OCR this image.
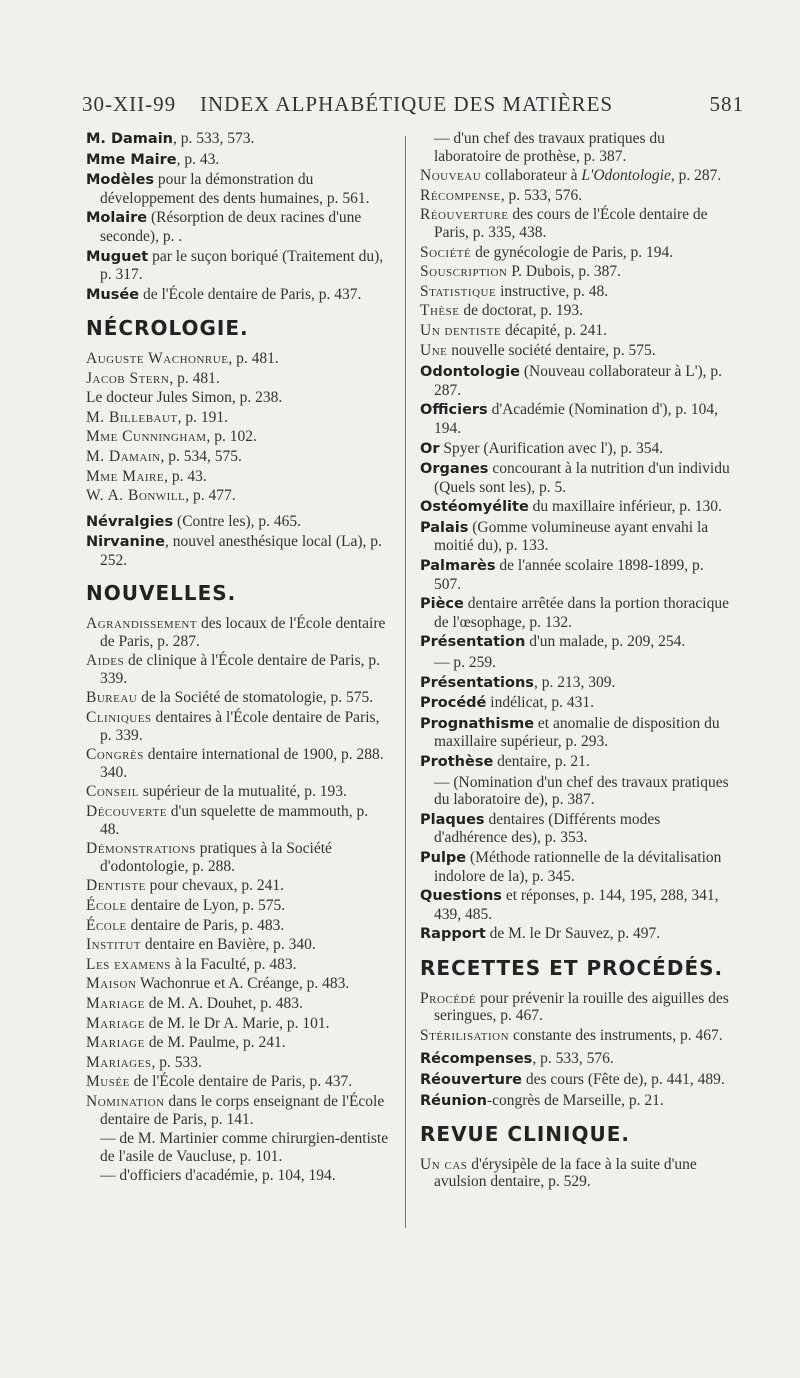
30-XII-99 INDEX ALPHABÉTIQUE DES MATIÈRES	581
M. Damain, p. 533, 573.
Mme Maire, p. 43.
Modèles pour la démonstration du développement des dents humaines, p. 561.
Molaire (Résorption de deux racines d'une seconde), p. .
Muguet par le suçon boriqué (Traitement du), p. 317.
Musée de l'École dentaire de Paris, p. 437.
NÉCROLOGIE.
Auguste Wachonrue, p. 481.
Jacob Stern, p. 481.
Le docteur Jules Simon, p. 238.
M. Billebaut, p. 191.
Mme Cunningham, p. 102.
M. Damain, p. 534, 575.
Mme Maire, p. 43.
W. A. Bonwill, p. 477.
Névralgies (Contre les), p. 465.
Nirvanine, nouvel anesthésique local (La), p. 252.
NOUVELLES.
Agrandissement des locaux de l'École dentaire de Paris, p. 287.
Aides de clinique à l'École dentaire de Paris, p. 339.
Bureau de la Société de stomatologie, p. 575.
Cliniques dentaires à l'École dentaire de Paris, p. 339.
Congrès dentaire international de 1900, p. 288. 340.
Conseil supérieur de la mutualité, p. 193.
Découverte d'un squelette de mammouth, p. 48.
Démonstrations pratiques à la Société d'odontologie, p. 288.
Dentiste pour chevaux, p. 241.
École dentaire de Lyon, p. 575.
École dentaire de Paris, p. 483.
Institut dentaire en Bavière, p. 340.
Les examens à la Faculté, p. 483.
Maison Wachonrue et A. Créange, p. 483.
Mariage de M. A. Douhet, p. 483.
Mariage de M. le Dr A. Marie, p. 101.
Mariage de M. Paulme, p. 241.
Mariages, p. 533.
Musée de l'École dentaire de Paris, p. 437.
Nomination dans le corps enseignant de l'École dentaire de Paris, p. 141.
— de M. Martinier comme chirurgien-dentiste de l'asile de Vaucluse, p. 101.
— d'officiers d'académie, p. 104, 194.
— d'un chef des travaux pratiques du laboratoire de prothèse, p. 387.
Nouveau collaborateur à L'Odontologie, p. 287.
Récompense, p. 533, 576.
Réouverture des cours de l'École dentaire de Paris, p. 335, 438.
Société de gynécologie de Paris, p. 194.
Souscription P. Dubois, p. 387.
Statistique instructive, p. 48.
Thèse de doctorat, p. 193.
Un dentiste décapité, p. 241.
Une nouvelle société dentaire, p. 575.
Odontologie (Nouveau collaborateur à L'), p. 287.
Officiers d'Académie (Nomination d'), p. 104, 194.
Or Spyer (Aurification avec l'), p. 354.
Organes concourant à la nutrition d'un individu (Quels sont les), p. 5.
Ostéomyélite du maxillaire inférieur, p. 130.
Palais (Gomme volumineuse ayant envahi la moitié du), p. 133.
Palmarès de l'année scolaire 1898-1899, p. 507.
Pièce dentaire arrêtée dans la portion thoracique de l'œsophage, p. 132.
Présentation d'un malade, p. 209, 254.
— p. 259.
Présentations, p. 213, 309.
Procédé indélicat, p. 431.
Prognathisme et anomalie de disposition du maxillaire supérieur, p. 293.
Prothèse dentaire, p. 21.
— (Nomination d'un chef des travaux pratiques du laboratoire de), p. 387.
Plaques dentaires (Différents modes d'adhérence des), p. 353.
Pulpe (Méthode rationnelle de la dévitalisation indolore de la), p. 345.
Questions et réponses, p. 144, 195, 288, 341, 439, 485.
Rapport de M. le Dr Sauvez, p. 497.
RECETTES ET PROCÉDÉS.
Procédé pour prévenir la rouille des aiguilles des seringues, p. 467.
Stérilisation constante des instruments, p. 467.
Récompenses, p. 533, 576.
Réouverture des cours (Fête de), p. 441, 489.
Réunion-congrès de Marseille, p. 21.
REVUE CLINIQUE.
Un cas d'érysipèle de la face à la suite d'une avulsion dentaire, p. 529.
